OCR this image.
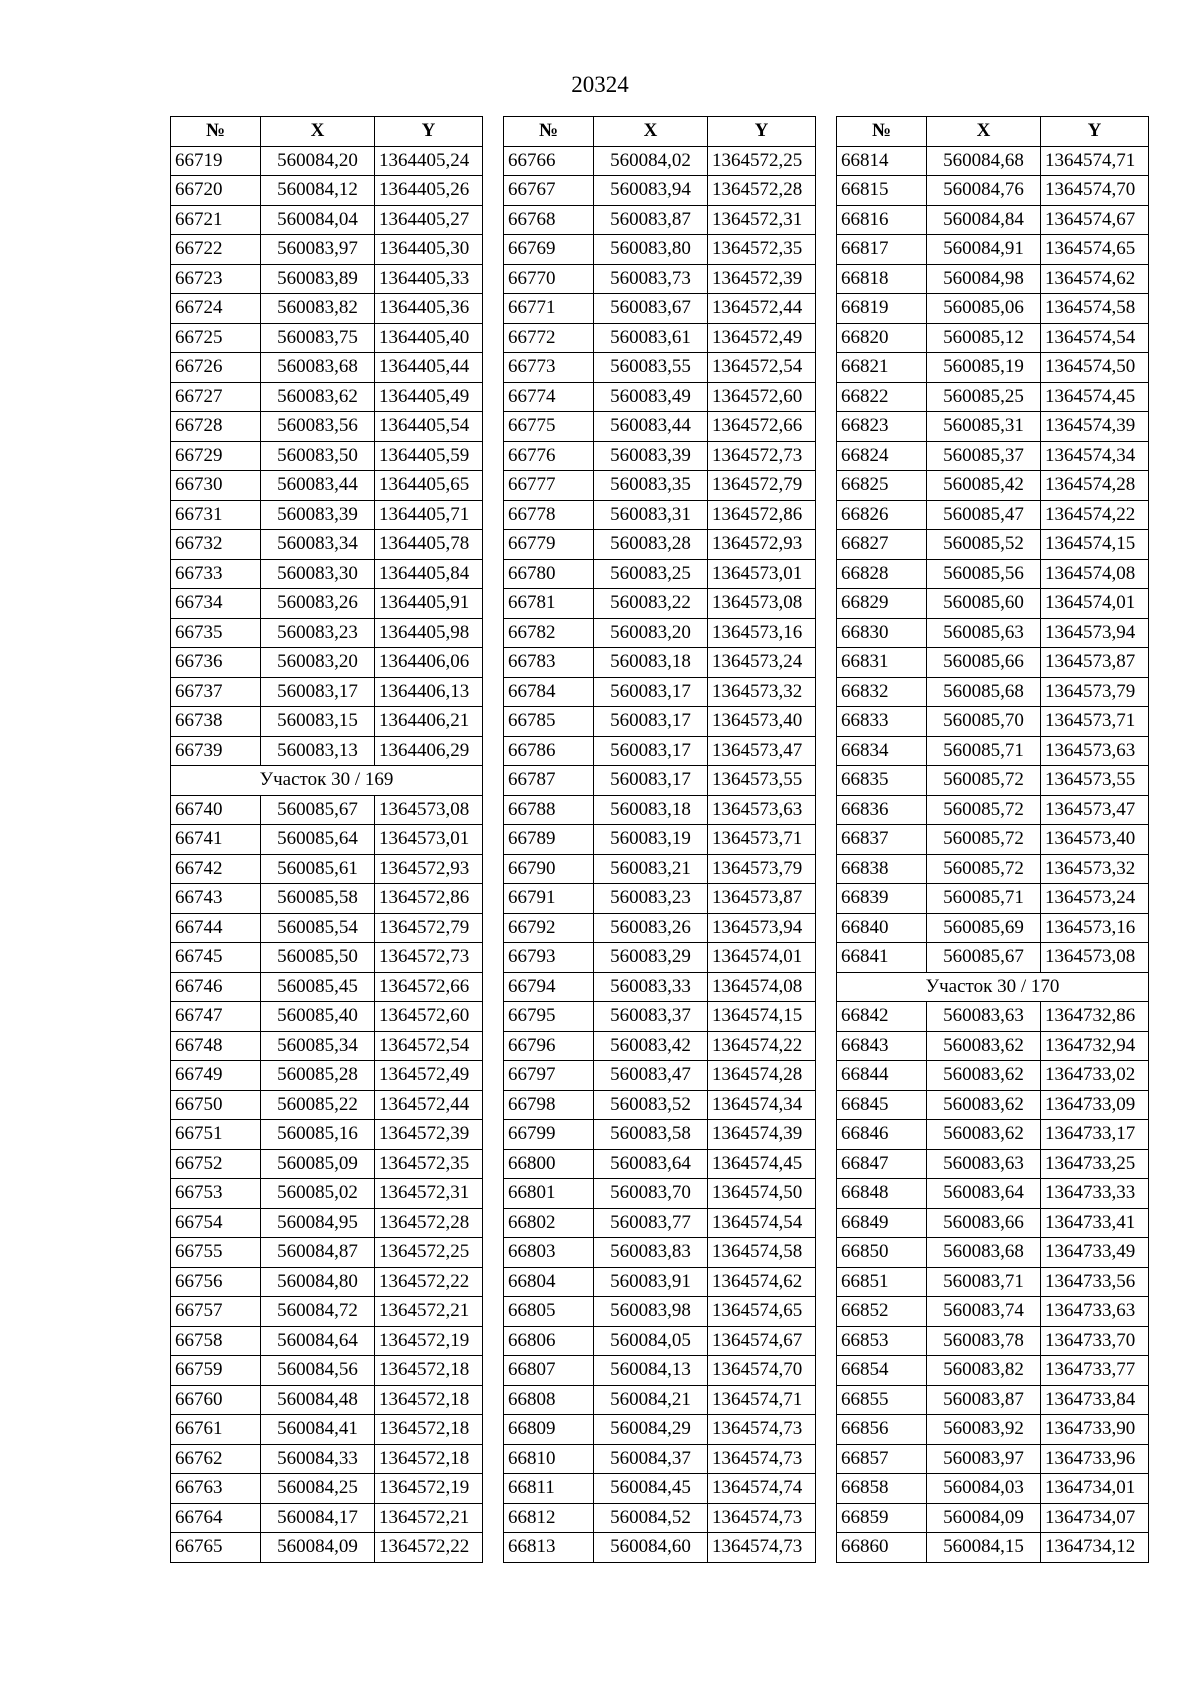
20324
№	X	Y
66719	560084,20	1364405,24
66720	560084,12	1364405,26
66721	560084,04	1364405,27
66722	560083,97	1364405,30
66723	560083,89	1364405,33
66724	560083,82	1364405,36
66725	560083,75	1364405,40
66726	560083,68	1364405,44
66727	560083,62	1364405,49
66728	560083,56	1364405,54
66729	560083,50	1364405,59
66730	560083,44	1364405,65
66731	560083,39	1364405,71
66732	560083,34	1364405,78
66733	560083,30	1364405,84
66734	560083,26	1364405,91
66735	560083,23	1364405,98
66736	560083,20	1364406,06
66737	560083,17	1364406,13
66738	560083,15	1364406,21
66739	560083,13	1364406,29
Участок 30 / 169		
66740	560085,67	1364573,08
66741	560085,64	1364573,01
66742	560085,61	1364572,93
66743	560085,58	1364572,86
66744	560085,54	1364572,79
66745	560085,50	1364572,73
66746	560085,45	1364572,66
66747	560085,40	1364572,60
66748	560085,34	1364572,54
66749	560085,28	1364572,49
66750	560085,22	1364572,44
66751	560085,16	1364572,39
66752	560085,09	1364572,35
66753	560085,02	1364572,31
66754	560084,95	1364572,28
66755	560084,87	1364572,25
66756	560084,80	1364572,22
66757	560084,72	1364572,21
66758	560084,64	1364572,19
66759	560084,56	1364572,18
66760	560084,48	1364572,18
66761	560084,41	1364572,18
66762	560084,33	1364572,18
66763	560084,25	1364572,19
66764	560084,17	1364572,21
66765	560084,09	1364572,22
№	X	Y
66766	560084,02	1364572,25
66767	560083,94	1364572,28
66768	560083,87	1364572,31
66769	560083,80	1364572,35
66770	560083,73	1364572,39
66771	560083,67	1364572,44
66772	560083,61	1364572,49
66773	560083,55	1364572,54
66774	560083,49	1364572,60
66775	560083,44	1364572,66
66776	560083,39	1364572,73
66777	560083,35	1364572,79
66778	560083,31	1364572,86
66779	560083,28	1364572,93
66780	560083,25	1364573,01
66781	560083,22	1364573,08
66782	560083,20	1364573,16
66783	560083,18	1364573,24
66784	560083,17	1364573,32
66785	560083,17	1364573,40
66786	560083,17	1364573,47
66787	560083,17	1364573,55
66788	560083,18	1364573,63
66789	560083,19	1364573,71
66790	560083,21	1364573,79
66791	560083,23	1364573,87
66792	560083,26	1364573,94
66793	560083,29	1364574,01
66794	560083,33	1364574,08
66795	560083,37	1364574,15
66796	560083,42	1364574,22
66797	560083,47	1364574,28
66798	560083,52	1364574,34
66799	560083,58	1364574,39
66800	560083,64	1364574,45
66801	560083,70	1364574,50
66802	560083,77	1364574,54
66803	560083,83	1364574,58
66804	560083,91	1364574,62
66805	560083,98	1364574,65
66806	560084,05	1364574,67
66807	560084,13	1364574,70
66808	560084,21	1364574,71
66809	560084,29	1364574,73
66810	560084,37	1364574,73
66811	560084,45	1364574,74
66812	560084,52	1364574,73
66813	560084,60	1364574,73
№	X	Y
66814	560084,68	1364574,71
66815	560084,76	1364574,70
66816	560084,84	1364574,67
66817	560084,91	1364574,65
66818	560084,98	1364574,62
66819	560085,06	1364574,58
66820	560085,12	1364574,54
66821	560085,19	1364574,50
66822	560085,25	1364574,45
66823	560085,31	1364574,39
66824	560085,37	1364574,34
66825	560085,42	1364574,28
66826	560085,47	1364574,22
66827	560085,52	1364574,15
66828	560085,56	1364574,08
66829	560085,60	1364574,01
66830	560085,63	1364573,94
66831	560085,66	1364573,87
66832	560085,68	1364573,79
66833	560085,70	1364573,71
66834	560085,71	1364573,63
66835	560085,72	1364573,55
66836	560085,72	1364573,47
66837	560085,72	1364573,40
66838	560085,72	1364573,32
66839	560085,71	1364573,24
66840	560085,69	1364573,16
66841	560085,67	1364573,08
Участок 30 / 170		
66842	560083,63	1364732,86
66843	560083,62	1364732,94
66844	560083,62	1364733,02
66845	560083,62	1364733,09
66846	560083,62	1364733,17
66847	560083,63	1364733,25
66848	560083,64	1364733,33
66849	560083,66	1364733,41
66850	560083,68	1364733,49
66851	560083,71	1364733,56
66852	560083,74	1364733,63
66853	560083,78	1364733,70
66854	560083,82	1364733,77
66855	560083,87	1364733,84
66856	560083,92	1364733,90
66857	560083,97	1364733,96
66858	560084,03	1364734,01
66859	560084,09	1364734,07
66860	560084,15	1364734,12
